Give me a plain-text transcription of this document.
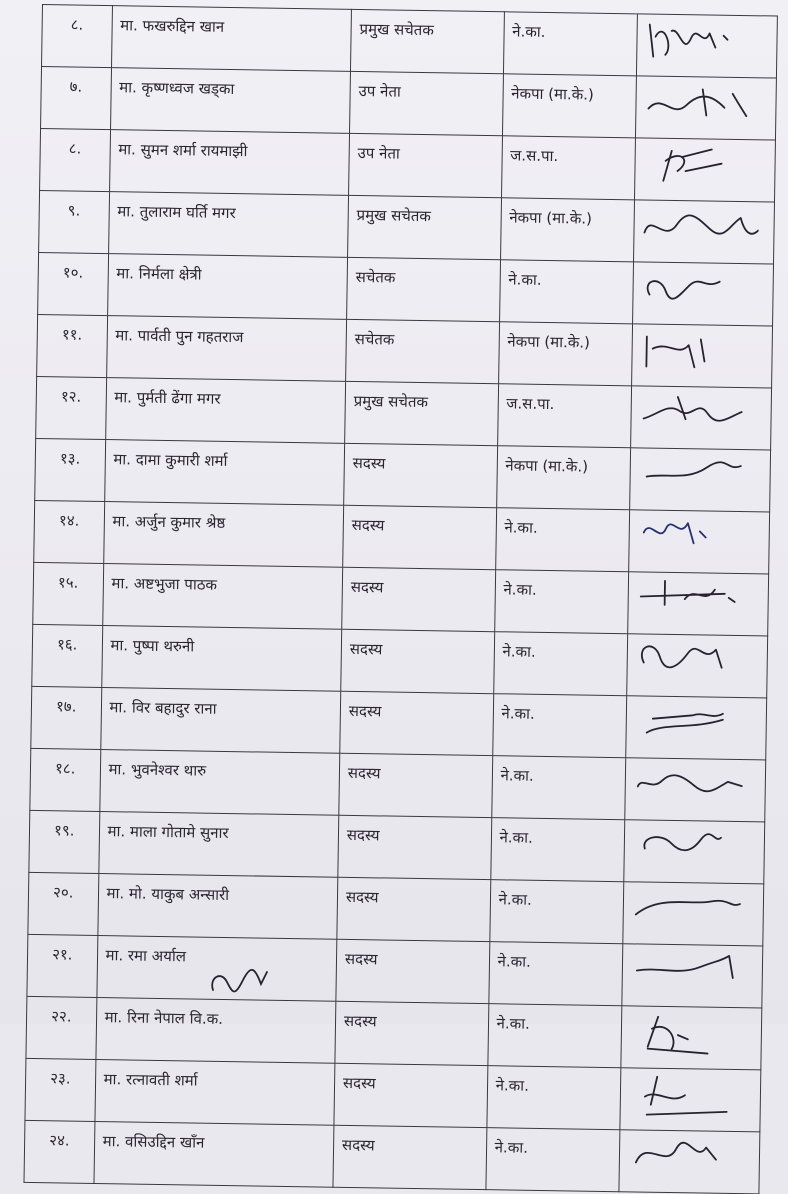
८.	मा. फखरुद्दिन खान	प्रमुख सचेतक	ने.का.	

७.	मा. कृष्णध्वज खड्का	उप नेता	नेकपा (मा.के.)	

८.	मा. सुमन शर्मा रायमाझी	उप नेता	ज.स.पा.	

९.	मा. तुलाराम घर्ति मगर	प्रमुख सचेतक	नेकपा (मा.के.)	

१०.	मा. निर्मला क्षेत्री	सचेतक	ने.का.	

११.	मा. पार्वती पुन गहतराज	सचेतक	नेकपा (मा.के.)	

१२.	मा. पुर्मती ढेंगा मगर	प्रमुख सचेतक	ज.स.पा.	

१३.	मा. दामा कुमारी शर्मा	सदस्य	नेकपा (मा.के.)	

१४.	मा. अर्जुन कुमार श्रेष्ठ	सदस्य	ने.का.	

१५.	मा. अष्टभुजा पाठक	सदस्य	ने.का.	

१६.	मा. पुष्पा थरुनी	सदस्य	ने.का.	

१७.	मा. विर बहादुर राना	सदस्य	ने.का.	

१८.	मा. भुवनेश्वर थारु	सदस्य	ने.का.	

१९.	मा. माला गोतामे सुनार	सदस्य	ने.का.	

२०.	मा. मो. याकुब अन्सारी	सदस्य	ने.का.	

२१.	मा. रमा अर्याल	सदस्य	ने.का.	

२२.	मा. रिना नेपाल वि.क.	सदस्य	ने.का.	

२३.	मा. रत्नावती शर्मा	सदस्य	ने.का.	

२४.	मा. वसिउद्दिन खाँन	सदस्य	ने.का.	
